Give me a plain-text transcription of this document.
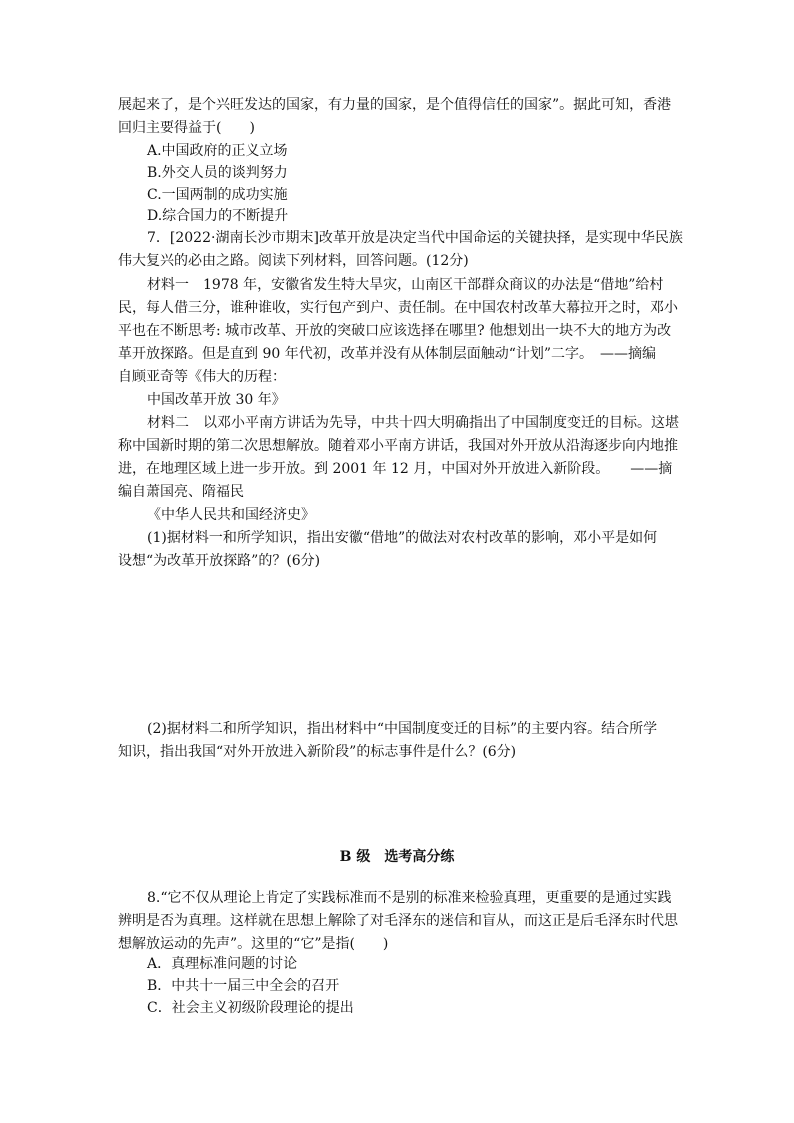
展起来了，是个兴旺发达的国家，有力量的国家，是个值得信任的国家”。据此可知，香港
回归主要得益于(　　)
A.中国政府的正义立场
B.外交人员的谈判努力
C.一国两制的成功实施
D.综合国力的不断提升
7．[2022·湖南长沙市期末]改革开放是决定当代中国命运的关键抉择，是实现中华民族
伟大复兴的必由之路。阅读下列材料，回答问题。(12分)
材料一　1978 年，安徽省发生特大旱灾，山南区干部群众商议的办法是“借地”给村
民，每人借三分，谁种谁收，实行包产到户、责任制。在中国农村改革大幕拉开之时，邓小
平也在不断思考: 城市改革、开放的突破口应该选择在哪里? 他想划出一块不大的地方为改
革开放探路。但是直到 90 年代初，改革并没有从体制层面触动“计划”二字。　——摘编
自顾亚奇等《伟大的历程：
中国改革开放 30 年》
材料二　以邓小平南方讲话为先导，中共十四大明确指出了中国制度变迁的目标。这堪
称中国新时期的第二次思想解放。随着邓小平南方讲话，我国对外开放从沿海逐步向内地推
进，在地理区域上进一步开放。到 2001 年 12 月，中国对外开放进入新阶段。　　——摘
编自萧国亮、隋福民
《中华人民共和国经济史》
(1)据材料一和所学知识，指出安徽“借地”的做法对农村改革的影响，邓小平是如何
设想“为改革开放探路”的？(6分)
(2)据材料二和所学知识，指出材料中“中国制度变迁的目标”的主要内容。结合所学
知识，指出我国“对外开放进入新阶段”的标志事件是什么？(6分)
B 级　选考高分练
8.“它不仅从理论上肯定了实践标准而不是别的标准来检验真理，更重要的是通过实践
辨明是否为真理。这样就在思想上解除了对毛泽东的迷信和盲从，而这正是后毛泽东时代思
想解放运动的先声”。这里的“它”是指(　　)
A．真理标准问题的讨论
B．中共十一届三中全会的召开
C．社会主义初级阶段理论的提出
